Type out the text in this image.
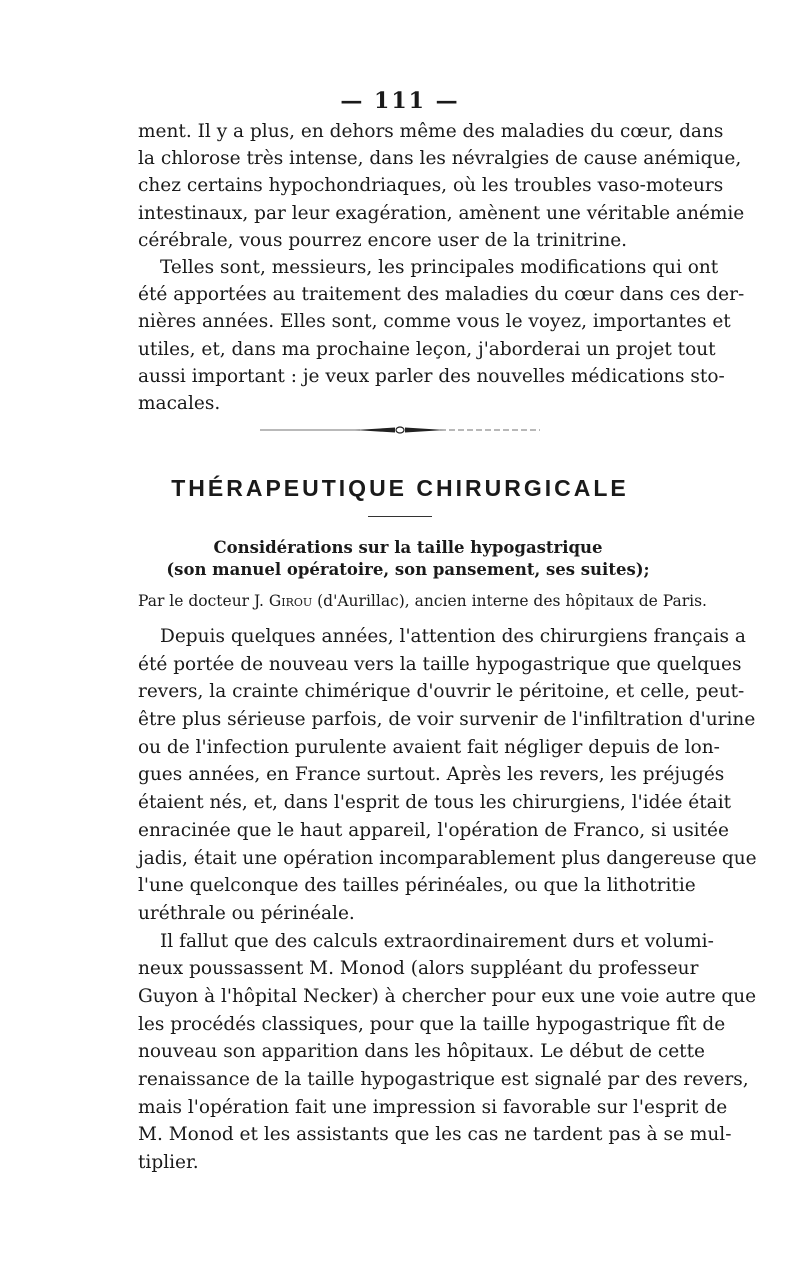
— 111 —
ment. Il y a plus, en dehors même des maladies du cœur, dans
la chlorose très intense, dans les névralgies de cause anémique,
chez certains hypochondriaques, où les troubles vaso-moteurs
intestinaux, par leur exagération, amènent une véritable anémie
cérébrale, vous pourrez encore user de la trinitrine.
Telles sont, messieurs, les principales modifications qui ont
été apportées au traitement des maladies du cœur dans ces der-
nières années. Elles sont, comme vous le voyez, importantes et
utiles, et, dans ma prochaine leçon, j'aborderai un projet tout
aussi important : je veux parler des nouvelles médications sto-
macales.
THÉRAPEUTIQUE CHIRURGICALE
Considérations sur la taille hypogastrique
(son manuel opératoire, son pansement, ses suites);
Par le docteur J. Girou (d'Aurillac), ancien interne des hôpitaux de Paris.
Depuis quelques années, l'attention des chirurgiens français a
été portée de nouveau vers la taille hypogastrique que quelques
revers, la crainte chimérique d'ouvrir le péritoine, et celle, peut-
être plus sérieuse parfois, de voir survenir de l'infiltration d'urine
ou de l'infection purulente avaient fait négliger depuis de lon-
gues années, en France surtout. Après les revers, les préjugés
étaient nés, et, dans l'esprit de tous les chirurgiens, l'idée était
enracinée que le haut appareil, l'opération de Franco, si usitée
jadis, était une opération incomparablement plus dangereuse que
l'une quelconque des tailles périnéales, ou que la lithotritie
uréthrale ou périnéale.
Il fallut que des calculs extraordinairement durs et volumi-
neux poussassent M. Monod (alors suppléant du professeur
Guyon à l'hôpital Necker) à chercher pour eux une voie autre que
les procédés classiques, pour que la taille hypogastrique fît de
nouveau son apparition dans les hôpitaux. Le début de cette
renaissance de la taille hypogastrique est signalé par des revers,
mais l'opération fait une impression si favorable sur l'esprit de
M. Monod et les assistants que les cas ne tardent pas à se mul-
tiplier.
